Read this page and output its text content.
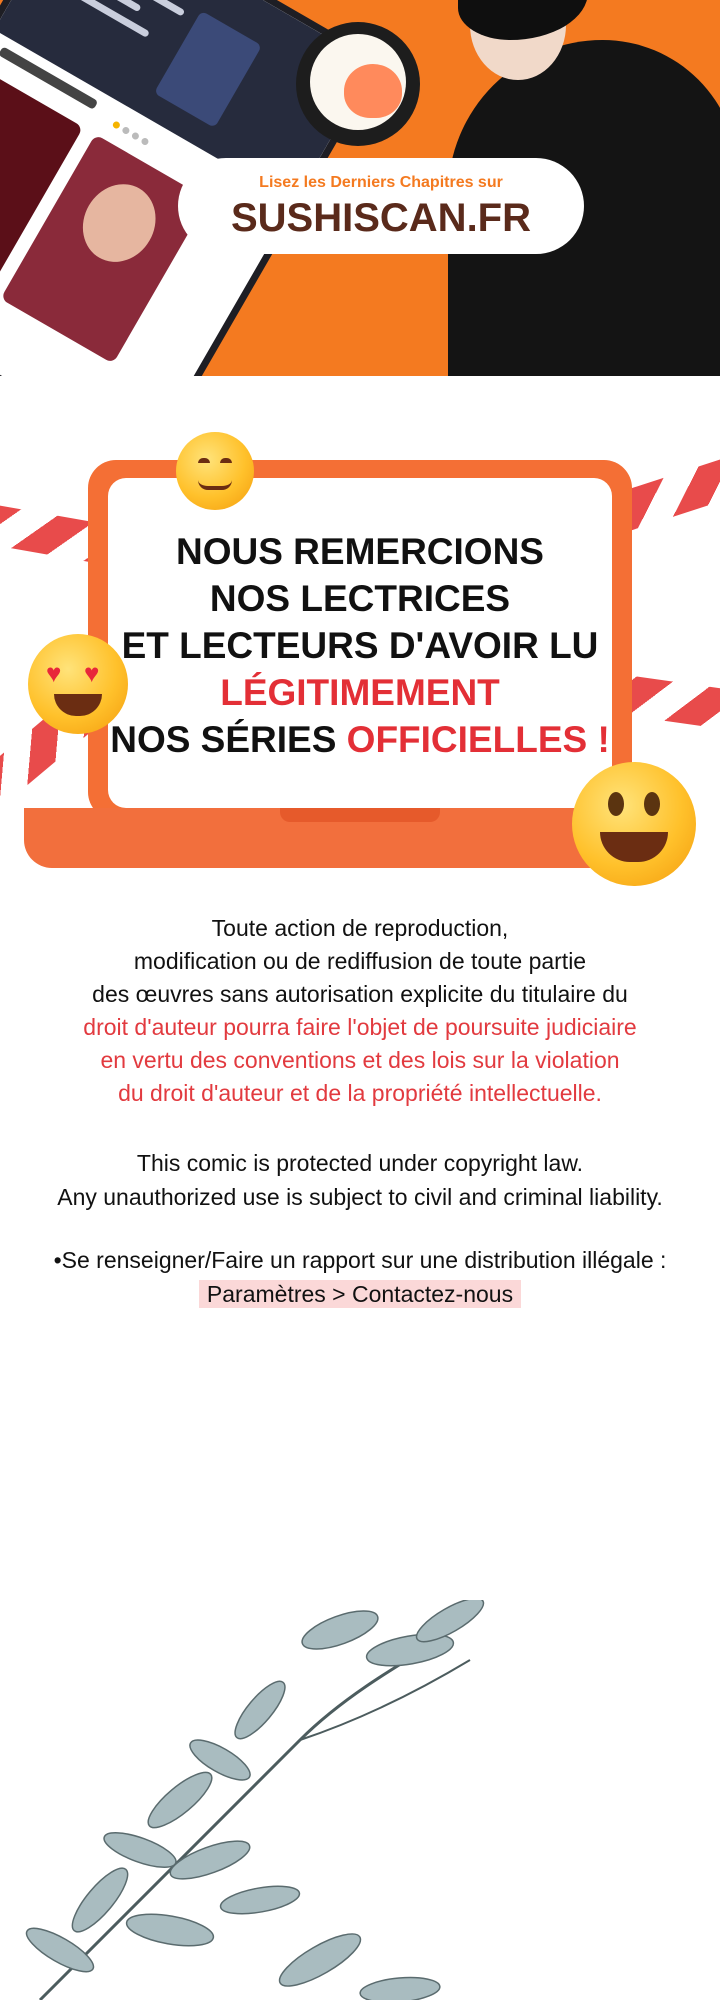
Lisez les Derniers Chapitres sur
SUSHISCAN.FR
NOUS REMERCIONS
NOS LECTRICES
ET LECTEURS D'AVOIR LU
LÉGITIMEMENT
NOS SÉRIES OFFICIELLES !
♥ ♥
Toute action de reproduction,
modification ou de rediffusion de toute partie
des œuvres sans autorisation explicite du titulaire du
droit d'auteur pourra faire l'objet de poursuite judiciaire
en vertu des conventions et des lois sur la violation
du droit d'auteur et de la propriété intellectuelle.
This comic is protected under copyright law.
Any unauthorized use is subject to civil and criminal liability.
•Se renseigner/Faire un rapport sur une distribution illégale :
Paramètres > Contactez-nous
